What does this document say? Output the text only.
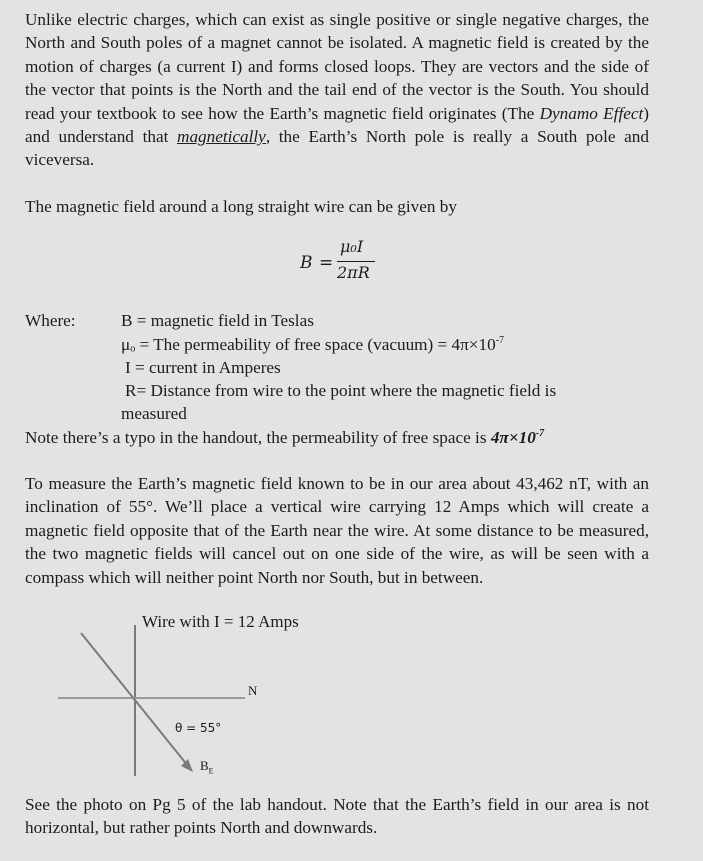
Unlike electric charges, which can exist as single positive or single negative charges, the North and South poles of a magnet cannot be isolated. A magnetic field is created by the motion of charges (a current I) and forms closed loops. They are vectors and the side of the vector that points is the North and the tail end of the vector is the South. You should read your textbook to see how the Earth’s magnetic field originates (The Dynamo Effect) and understand that magnetically, the Earth’s North pole is really a South pole and viceversa.

The magnetic field around a long straight wire can be given by

B =
μ₀I
2πR

Where:	B = magnetic field in Teslas

μₒ = The permeability of free space (vacuum) = $4\pi\times 10^{-7}$

I = current in Amperes

R= Distance from wire to the point where the magnetic field is

measured

Note there’s a typo in the handout, the permeability of free space is $4\pi\times 10^{-7}$

To measure the Earth’s magnetic field known to be in our area about 43,462 nT, with an inclination of 55°. We’ll place a vertical wire carrying 12 Amps which will create a magnetic field opposite that of the Earth near the wire. At some distance to be measured, the two magnetic fields will cancel out on one side of the wire, as will be seen with a compass which will neither point North nor South, but in between.

Wire with I = 12 Amps
N
θ = 55°
$B_E$

See the photo on Pg 5 of the lab handout. Note that the Earth’s field in our area is not horizontal, but rather points North and downwards.
